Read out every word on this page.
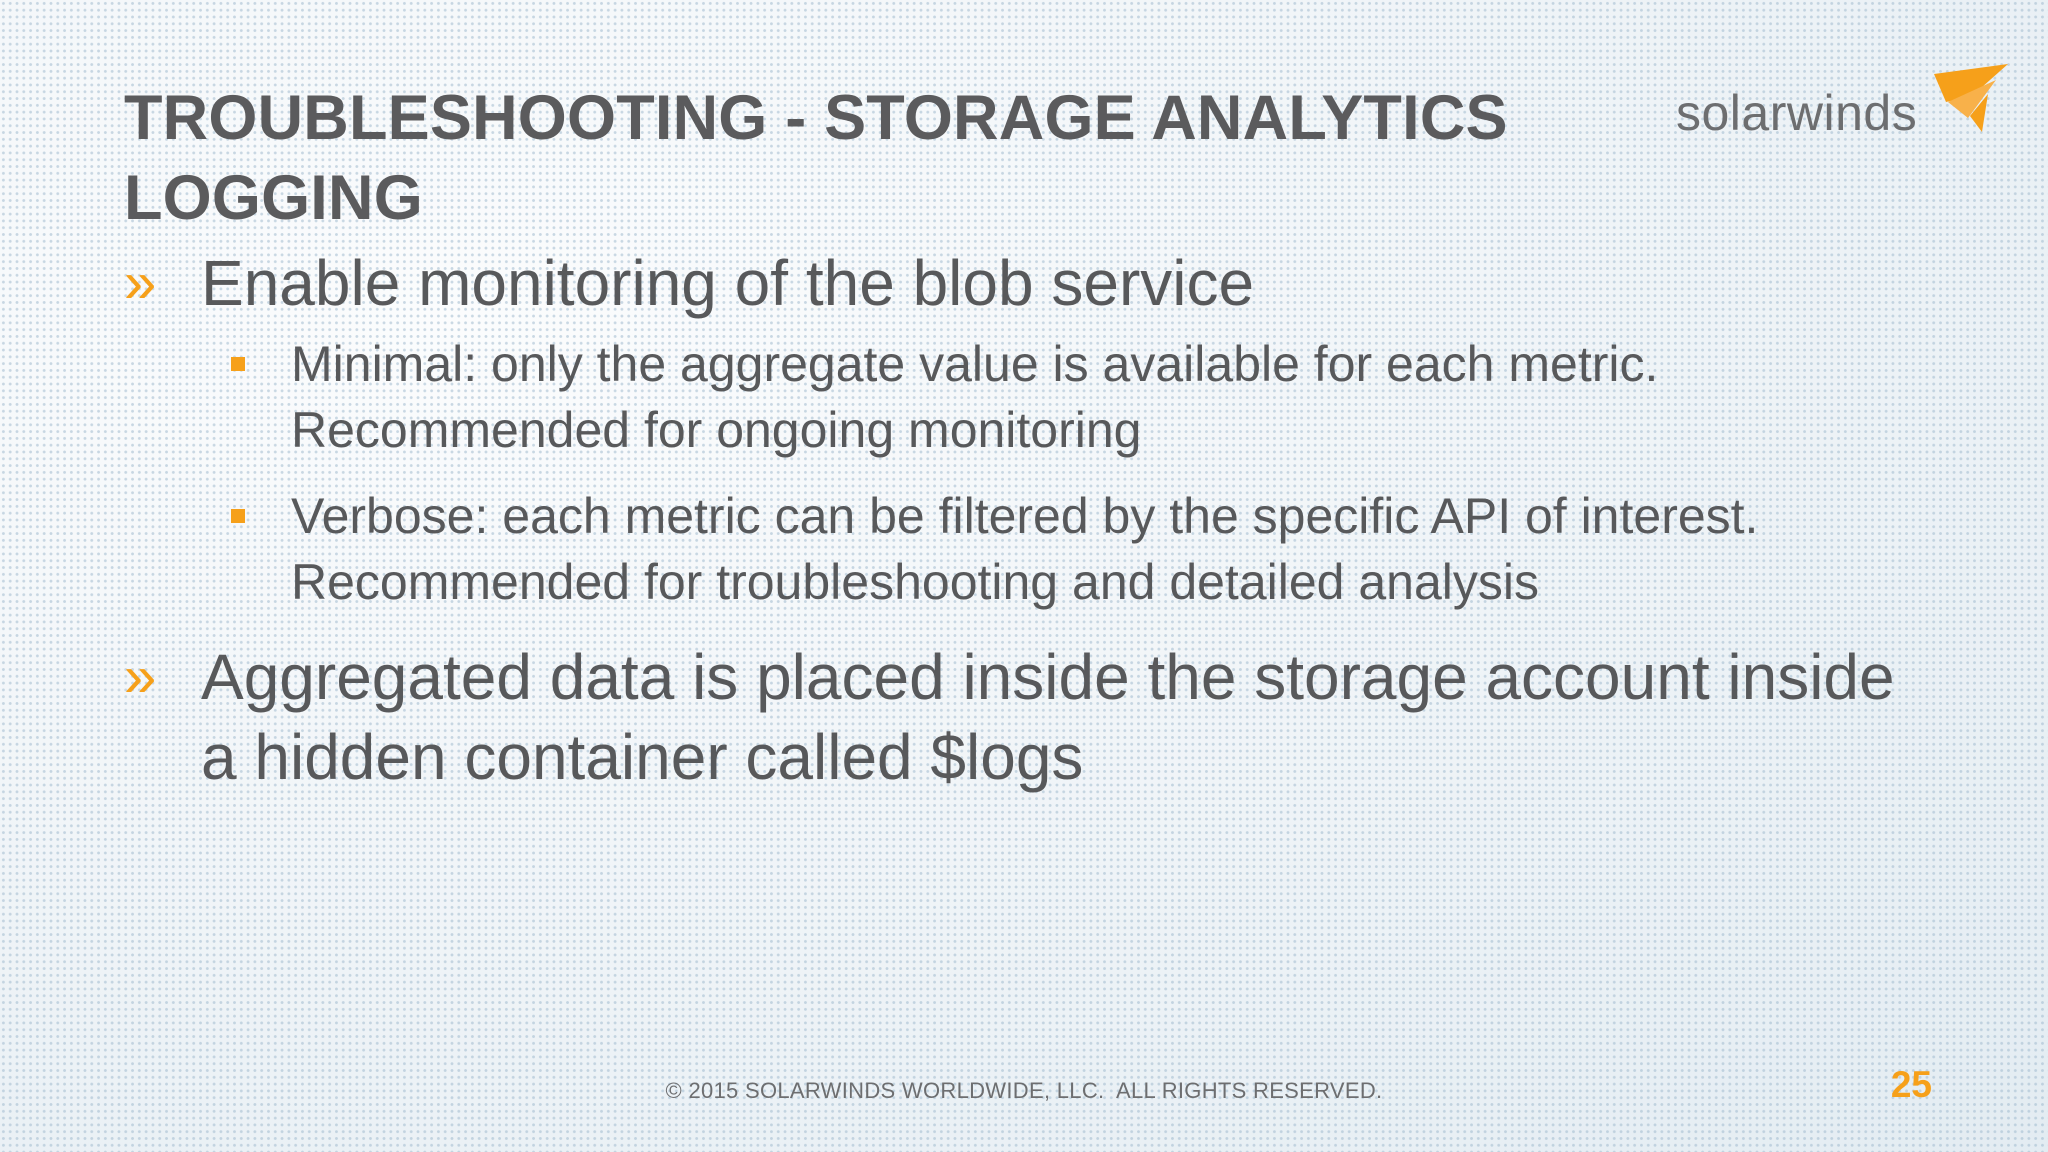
TROUBLESHOOTING - STORAGE ANALYTICS LOGGING
solarwinds
» Enable monitoring of the blob service
Minimal: only the aggregate value is available for each metric. Recommended for ongoing monitoring
Verbose: each metric can be filtered by the specific API of interest. Recommended for troubleshooting and detailed analysis
» Aggregated data is placed inside the storage account inside a hidden container called $logs
© 2015 SOLARWINDS WORLDWIDE, LLC.  ALL RIGHTS RESERVED.	25
